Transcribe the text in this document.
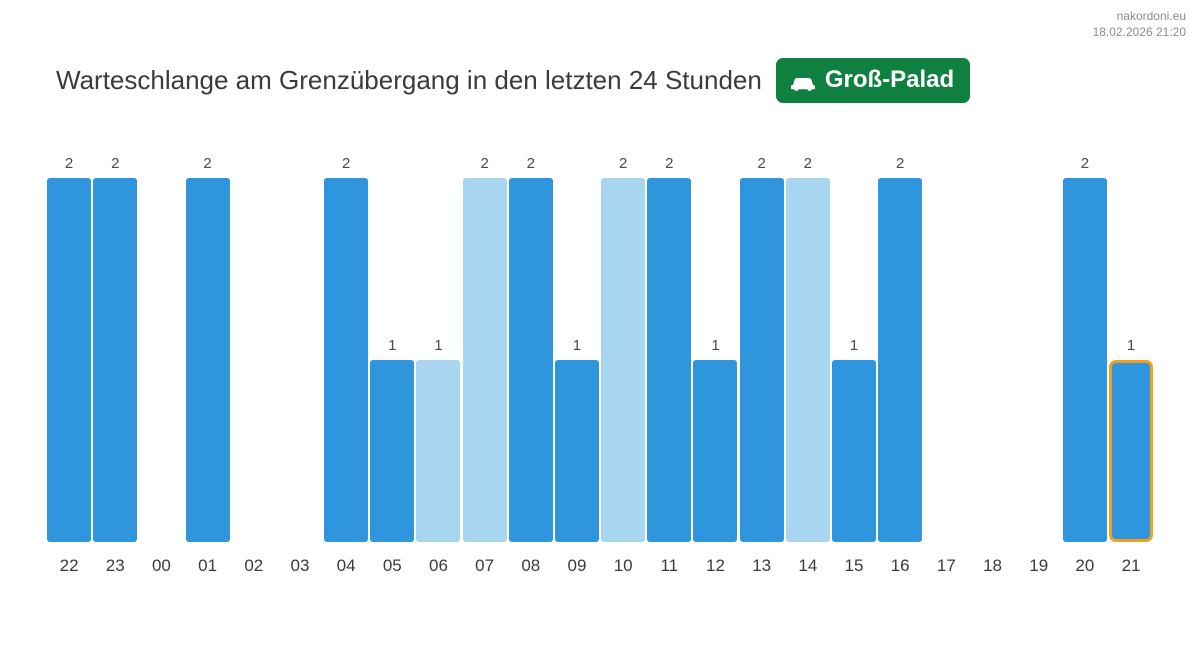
nakordoni.eu
18.02.2026 21:20
Warteschlange am Grenzübergang in den letzten 24 Stunden	Groß-Palad
2	2	2	2
1	1
2	2
1
2	2
1
2	2
1
2	2
1
22	23	00	01	02	03	04	05	06	07	08	09	10	11	12	13	14	15	16	17	18	19	20	21
